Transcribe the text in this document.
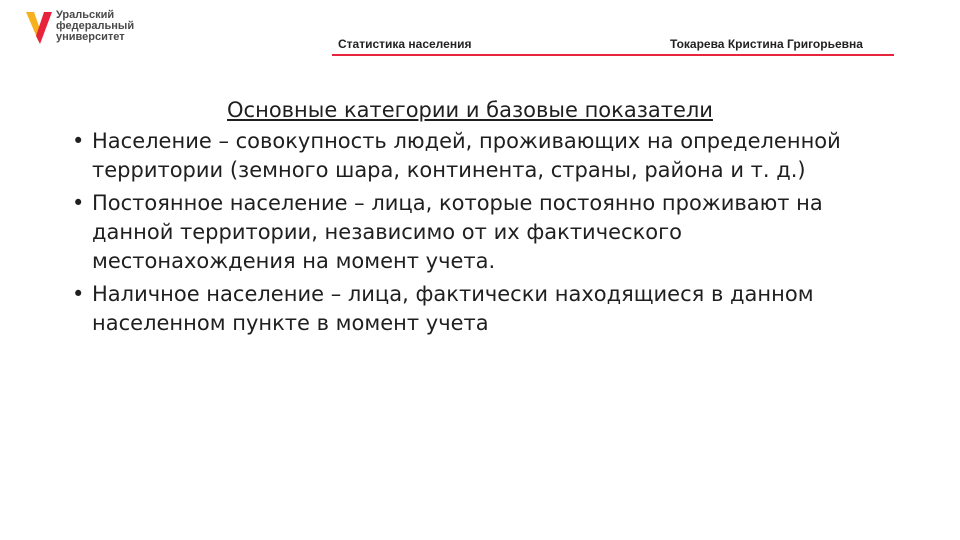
Уральский
федеральный
университет	Статистика населения	Токарева Кристина Григорьевна
Основные категории и базовые показатели
• Население – совокупность людей, проживающих на определенной территории (земного шара, континента, страны, района и т. д.)
• Постоянное население – лица, которые постоянно проживают на данной территории, независимо от их фактического местонахождения на момент учета.
• Наличное население – лица, фактически находящиеся в данном населенном пункте в момент учета
